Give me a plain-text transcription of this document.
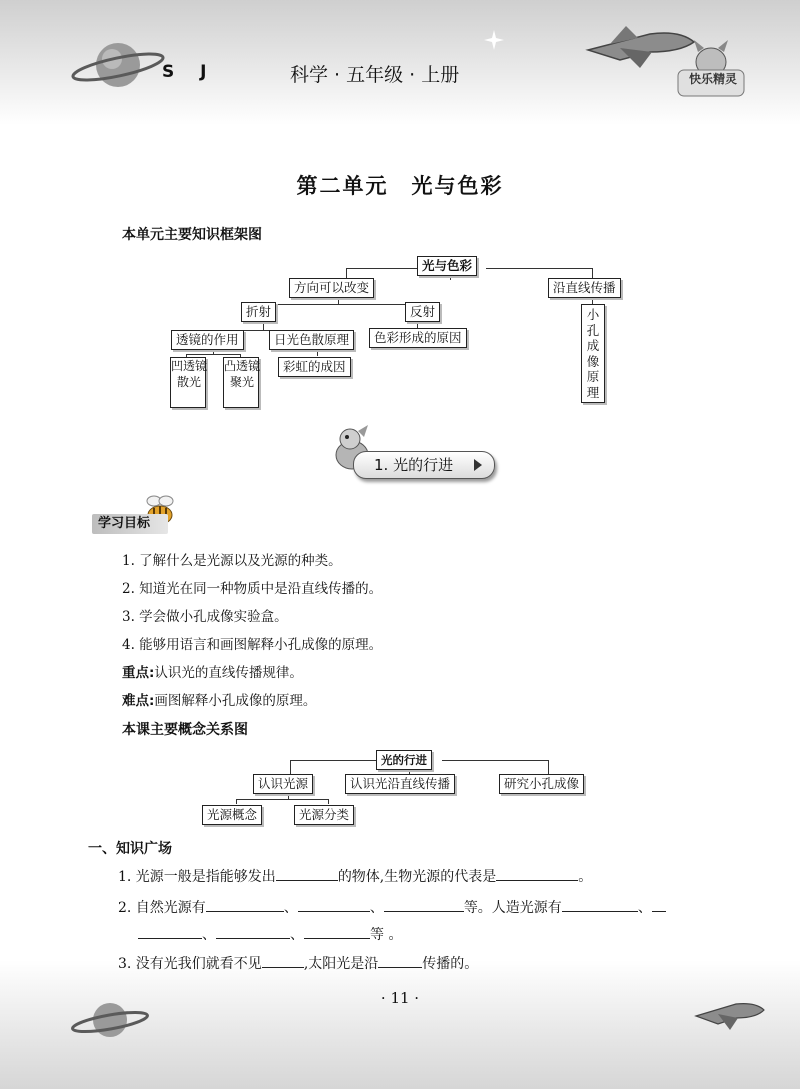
快乐精灵
S J	科学 · 五年级 · 上册
第二单元　光与色彩
本单元主要知识框架图
光与色彩
方向可以改变	沿直线传播
折射	反射
透镜的作用	日光色散原理	色彩形成的原因
凹透镜散光
凸透镜聚光
彩虹的成因
小孔成像原理
1. 光的行进
学习目标
1. 了解什么是光源以及光源的种类。
2. 知道光在同一种物质中是沿直线传播的。
3. 学会做小孔成像实验盒。
4. 能够用语言和画图解释小孔成像的原理。
重点:认识光的直线传播规律。
难点:画图解释小孔成像的原理。
本课主要概念关系图
光的行进
认识光源	认识光沿直线传播	研究小孔成像
光源概念	光源分类
一、知识广场
1. 光源一般是指能够发出	的物体,生物光源的代表是	。
2. 自然光源有	、	、	等。人造光源有	、
、	、	等 。
3. 没有光我们就看不见	,太阳光是沿	传播的。
· 11 ·
